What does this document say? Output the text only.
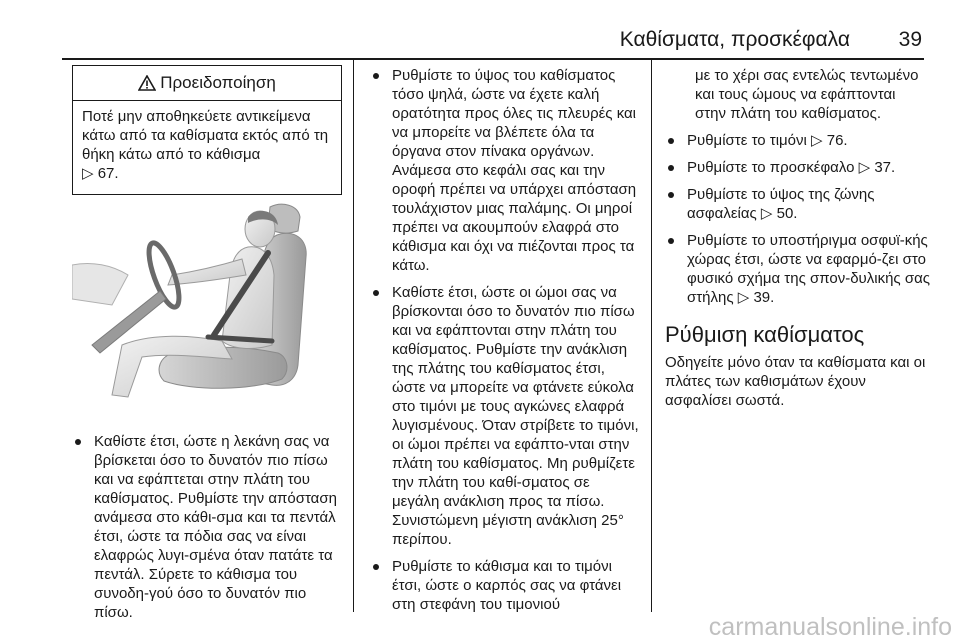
Καθίσματα, προσκέφαλα 39
Προειδοποίηση
Ποτέ μην αποθηκεύετε αντικείμενα κάτω από τα καθίσματα εκτός από τη θήκη κάτω από το κάθισμα
▷ 67.
Καθίστε έτσι, ώστε η λεκάνη σας να βρίσκεται όσο το δυνατόν πιο πίσω και να εφάπτεται στην πλάτη του καθίσματος. Ρυθμίστε την απόσταση ανάμεσα στο κάθι-σμα και τα πεντάλ έτσι, ώστε τα πόδια σας να είναι ελαφρώς λυγι-σμένα όταν πατάτε τα πεντάλ. Σύρετε το κάθισμα του συνοδη-γού όσο το δυνατόν πιο πίσω.
Ρυθμίστε το ύψος του καθίσματος τόσο ψηλά, ώστε να έχετε καλή ορατότητα προς όλες τις πλευρές και να μπορείτε να βλέπετε όλα τα όργανα στον πίνακα οργάνων. Ανάμεσα στο κεφάλι σας και την οροφή πρέπει να υπάρχει απόσταση τουλάχιστον μιας παλάμης. Οι μηροί πρέπει να ακουμπούν ελαφρά στο κάθισμα και όχι να πιέζονται προς τα κάτω.
Καθίστε έτσι, ώστε οι ώμοι σας να βρίσκονται όσο το δυνατόν πιο πίσω και να εφάπτονται στην πλάτη του καθίσματος. Ρυθμίστε την ανάκλιση της πλάτης του καθίσματος έτσι, ώστε να μπορείτε να φτάνετε εύκολα στο τιμόνι με τους αγκώνες ελαφρά λυγισμένους. Όταν στρίβετε το τιμόνι, οι ώμοι πρέπει να εφάπτο-νται στην πλάτη του καθίσματος. Μη ρυθμίζετε την πλάτη του καθί-σματος σε μεγάλη ανάκλιση προς τα πίσω. Συνιστώμενη μέγιστη ανάκλιση 25° περίπου.
Ρυθμίστε το κάθισμα και το τιμόνι έτσι, ώστε ο καρπός σας να φτάνει στη στεφάνη του τιμονιού
με το χέρι σας εντελώς τεντωμένο και τους ώμους να εφάπτονται στην πλάτη του καθίσματος.
Ρυθμίστε το τιμόνι ▷ 76.
Ρυθμίστε το προσκέφαλο ▷ 37.
Ρυθμίστε το ύψος της ζώνης ασφαλείας ▷ 50.
Ρυθμίστε το υποστήριγμα οσφυϊ-κής χώρας έτσι, ώστε να εφαρμό-ζει στο φυσικό σχήμα της σπον-δυλικής σας στήλης ▷ 39.
Ρύθμιση καθίσματος
Οδηγείτε μόνο όταν τα καθίσματα και οι πλάτες των καθισμάτων έχουν ασφαλίσει σωστά.
carmanualsonline.info
